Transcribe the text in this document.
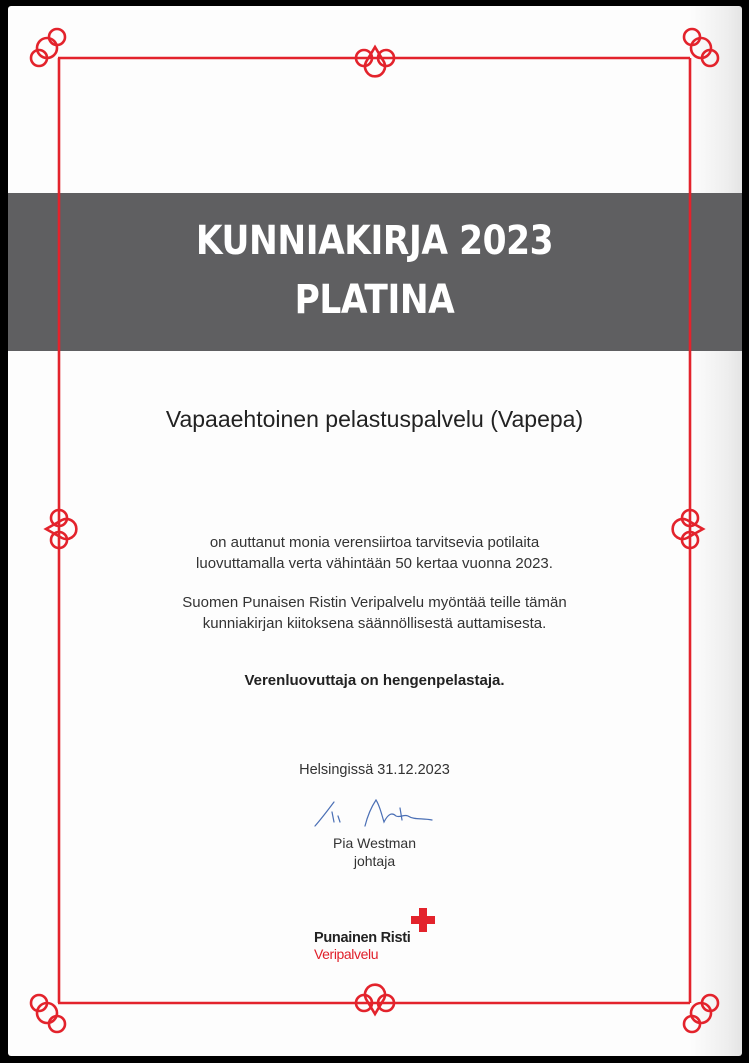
KUNNIAKIRJA 2023
PLATINA
Vapaaehtoinen pelastuspalvelu (Vapepa)
on auttanut monia verensiirtoa tarvitsevia potilaita
luovuttamalla verta vähintään 50 kertaa vuonna 2023.
Suomen Punaisen Ristin Veripalvelu myöntää teille tämän
kunniakirjan kiitoksena säännöllisestä auttamisesta.
Verenluovuttaja on hengenpelastaja.
Helsingissä 31.12.2023
Pia Westman
johtaja
Punainen Risti
Veripalvelu
